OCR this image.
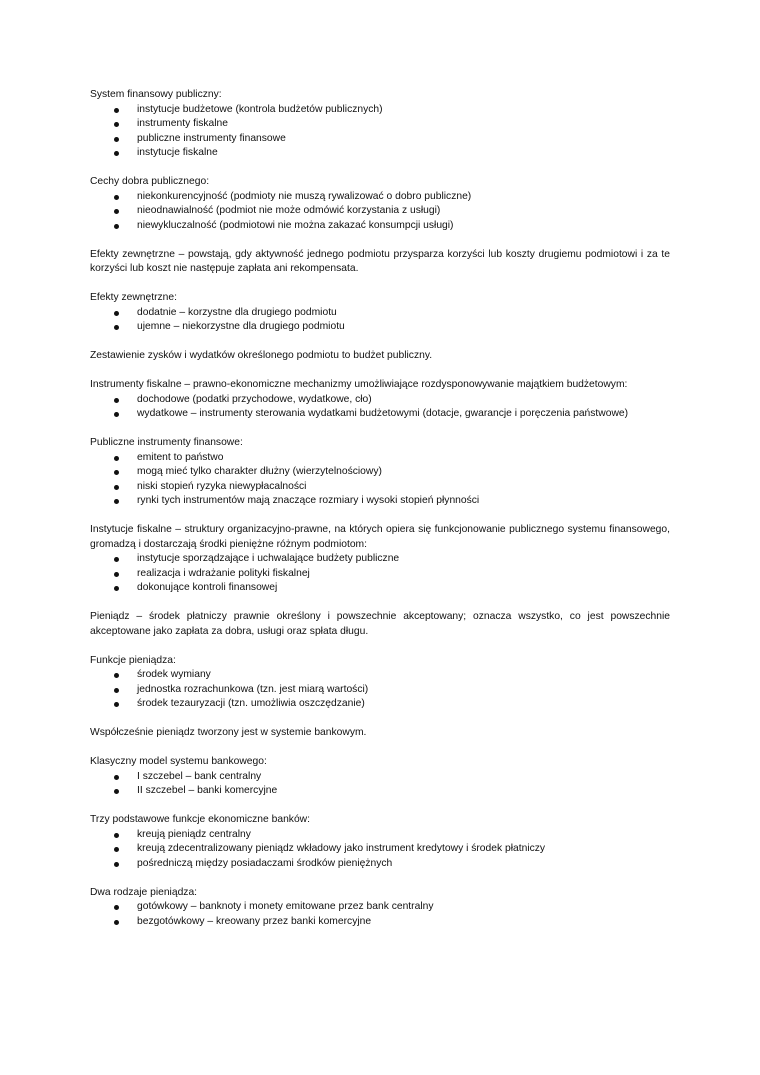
System finansowy publiczny:

instytucje budżetowe (kontrola budżetów publicznych)
instrumenty fiskalne
publiczne instrumenty finansowe
instytucje fiskalne

Cechy dobra publicznego:

niekonkurencyjność (podmioty nie muszą rywalizować o dobro publiczne)
nieodnawialność (podmiot nie może odmówić korzystania z usługi)
niewykluczalność (podmiotowi nie można zakazać konsumpcji usługi)

Efekty zewnętrzne – powstają, gdy aktywność jednego podmiotu przysparza korzyści lub koszty drugiemu podmiotowi i za te korzyści lub koszt nie następuje zapłata ani rekompensata.

Efekty zewnętrzne:

dodatnie – korzystne dla drugiego podmiotu
ujemne – niekorzystne dla drugiego podmiotu

Zestawienie zysków i wydatków określonego podmiotu to budżet publiczny.

Instrumenty fiskalne – prawno-ekonomiczne mechanizmy umożliwiające rozdysponowywanie majątkiem budżetowym:

dochodowe (podatki przychodowe, wydatkowe, cło)
wydatkowe – instrumenty sterowania wydatkami budżetowymi (dotacje, gwarancje i poręczenia państwowe)

Publiczne instrumenty finansowe:

emitent to państwo
mogą mieć tylko charakter dłużny (wierzytelnościowy)
niski stopień ryzyka niewypłacalności
rynki tych instrumentów mają znaczące rozmiary i wysoki stopień płynności

Instytucje fiskalne – struktury organizacyjno-prawne, na których opiera się funkcjonowanie publicznego systemu finansowego, gromadzą i dostarczają środki pieniężne różnym podmiotom:

instytucje sporządzające i uchwalające budżety publiczne
realizacja i wdrażanie polityki fiskalnej
dokonujące kontroli finansowej

Pieniądz – środek płatniczy prawnie określony i powszechnie akceptowany; oznacza wszystko, co jest powszechnie akceptowane jako zapłata za dobra, usługi oraz spłata długu.

Funkcje pieniądza:

środek wymiany
jednostka rozrachunkowa (tzn. jest miarą wartości)
środek tezauryzacji (tzn. umożliwia oszczędzanie)

Współcześnie pieniądz tworzony jest w systemie bankowym.

Klasyczny model systemu bankowego:

I szczebel – bank centralny
II szczebel – banki komercyjne

Trzy podstawowe funkcje ekonomiczne banków:

kreują pieniądz centralny
kreują zdecentralizowany pieniądz wkładowy jako instrument kredytowy i środek płatniczy
pośredniczą między posiadaczami środków pieniężnych

Dwa rodzaje pieniądza:

gotówkowy – banknoty i monety emitowane przez bank centralny
bezgotówkowy – kreowany przez banki komercyjne
